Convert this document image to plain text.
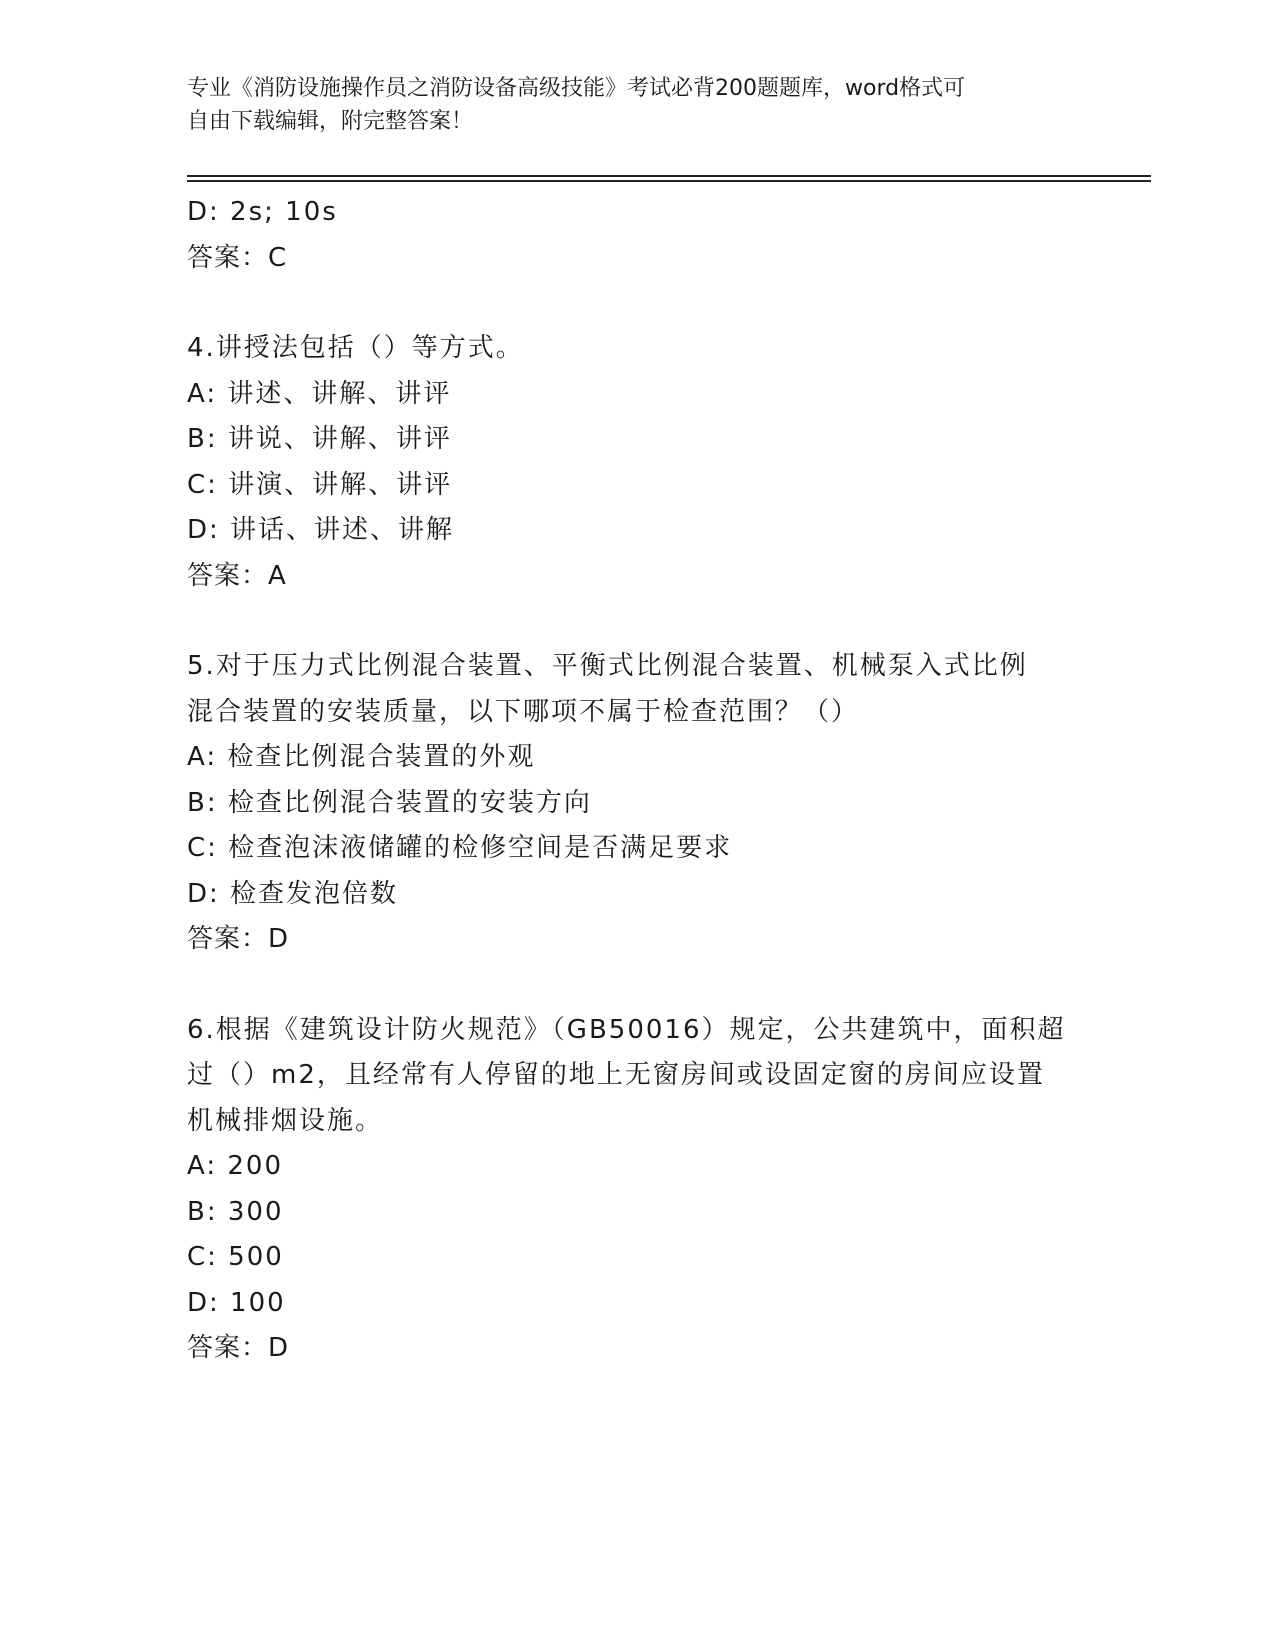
专业《消防设施操作员之消防设备高级技能》考试必背200题题库，word格式可
自由下载编辑，附完整答案！
D: 2s; 10s
答案：C
4.讲授法包括（）等方式。
A: 讲述、讲解、讲评
B: 讲说、讲解、讲评
C: 讲演、讲解、讲评
D: 讲话、讲述、讲解
答案：A
5.对于压力式比例混合装置、平衡式比例混合装置、机械泵入式比例
混合装置的安装质量，以下哪项不属于检查范围？（）
A: 检查比例混合装置的外观
B: 检查比例混合装置的安装方向
C: 检查泡沫液储罐的检修空间是否满足要求
D: 检查发泡倍数
答案：D
6.根据《建筑设计防火规范》（GB50016）规定，公共建筑中，面积超
过（）m2，且经常有人停留的地上无窗房间或设固定窗的房间应设置
机械排烟设施。
A: 200
B: 300
C: 500
D: 100
答案：D
